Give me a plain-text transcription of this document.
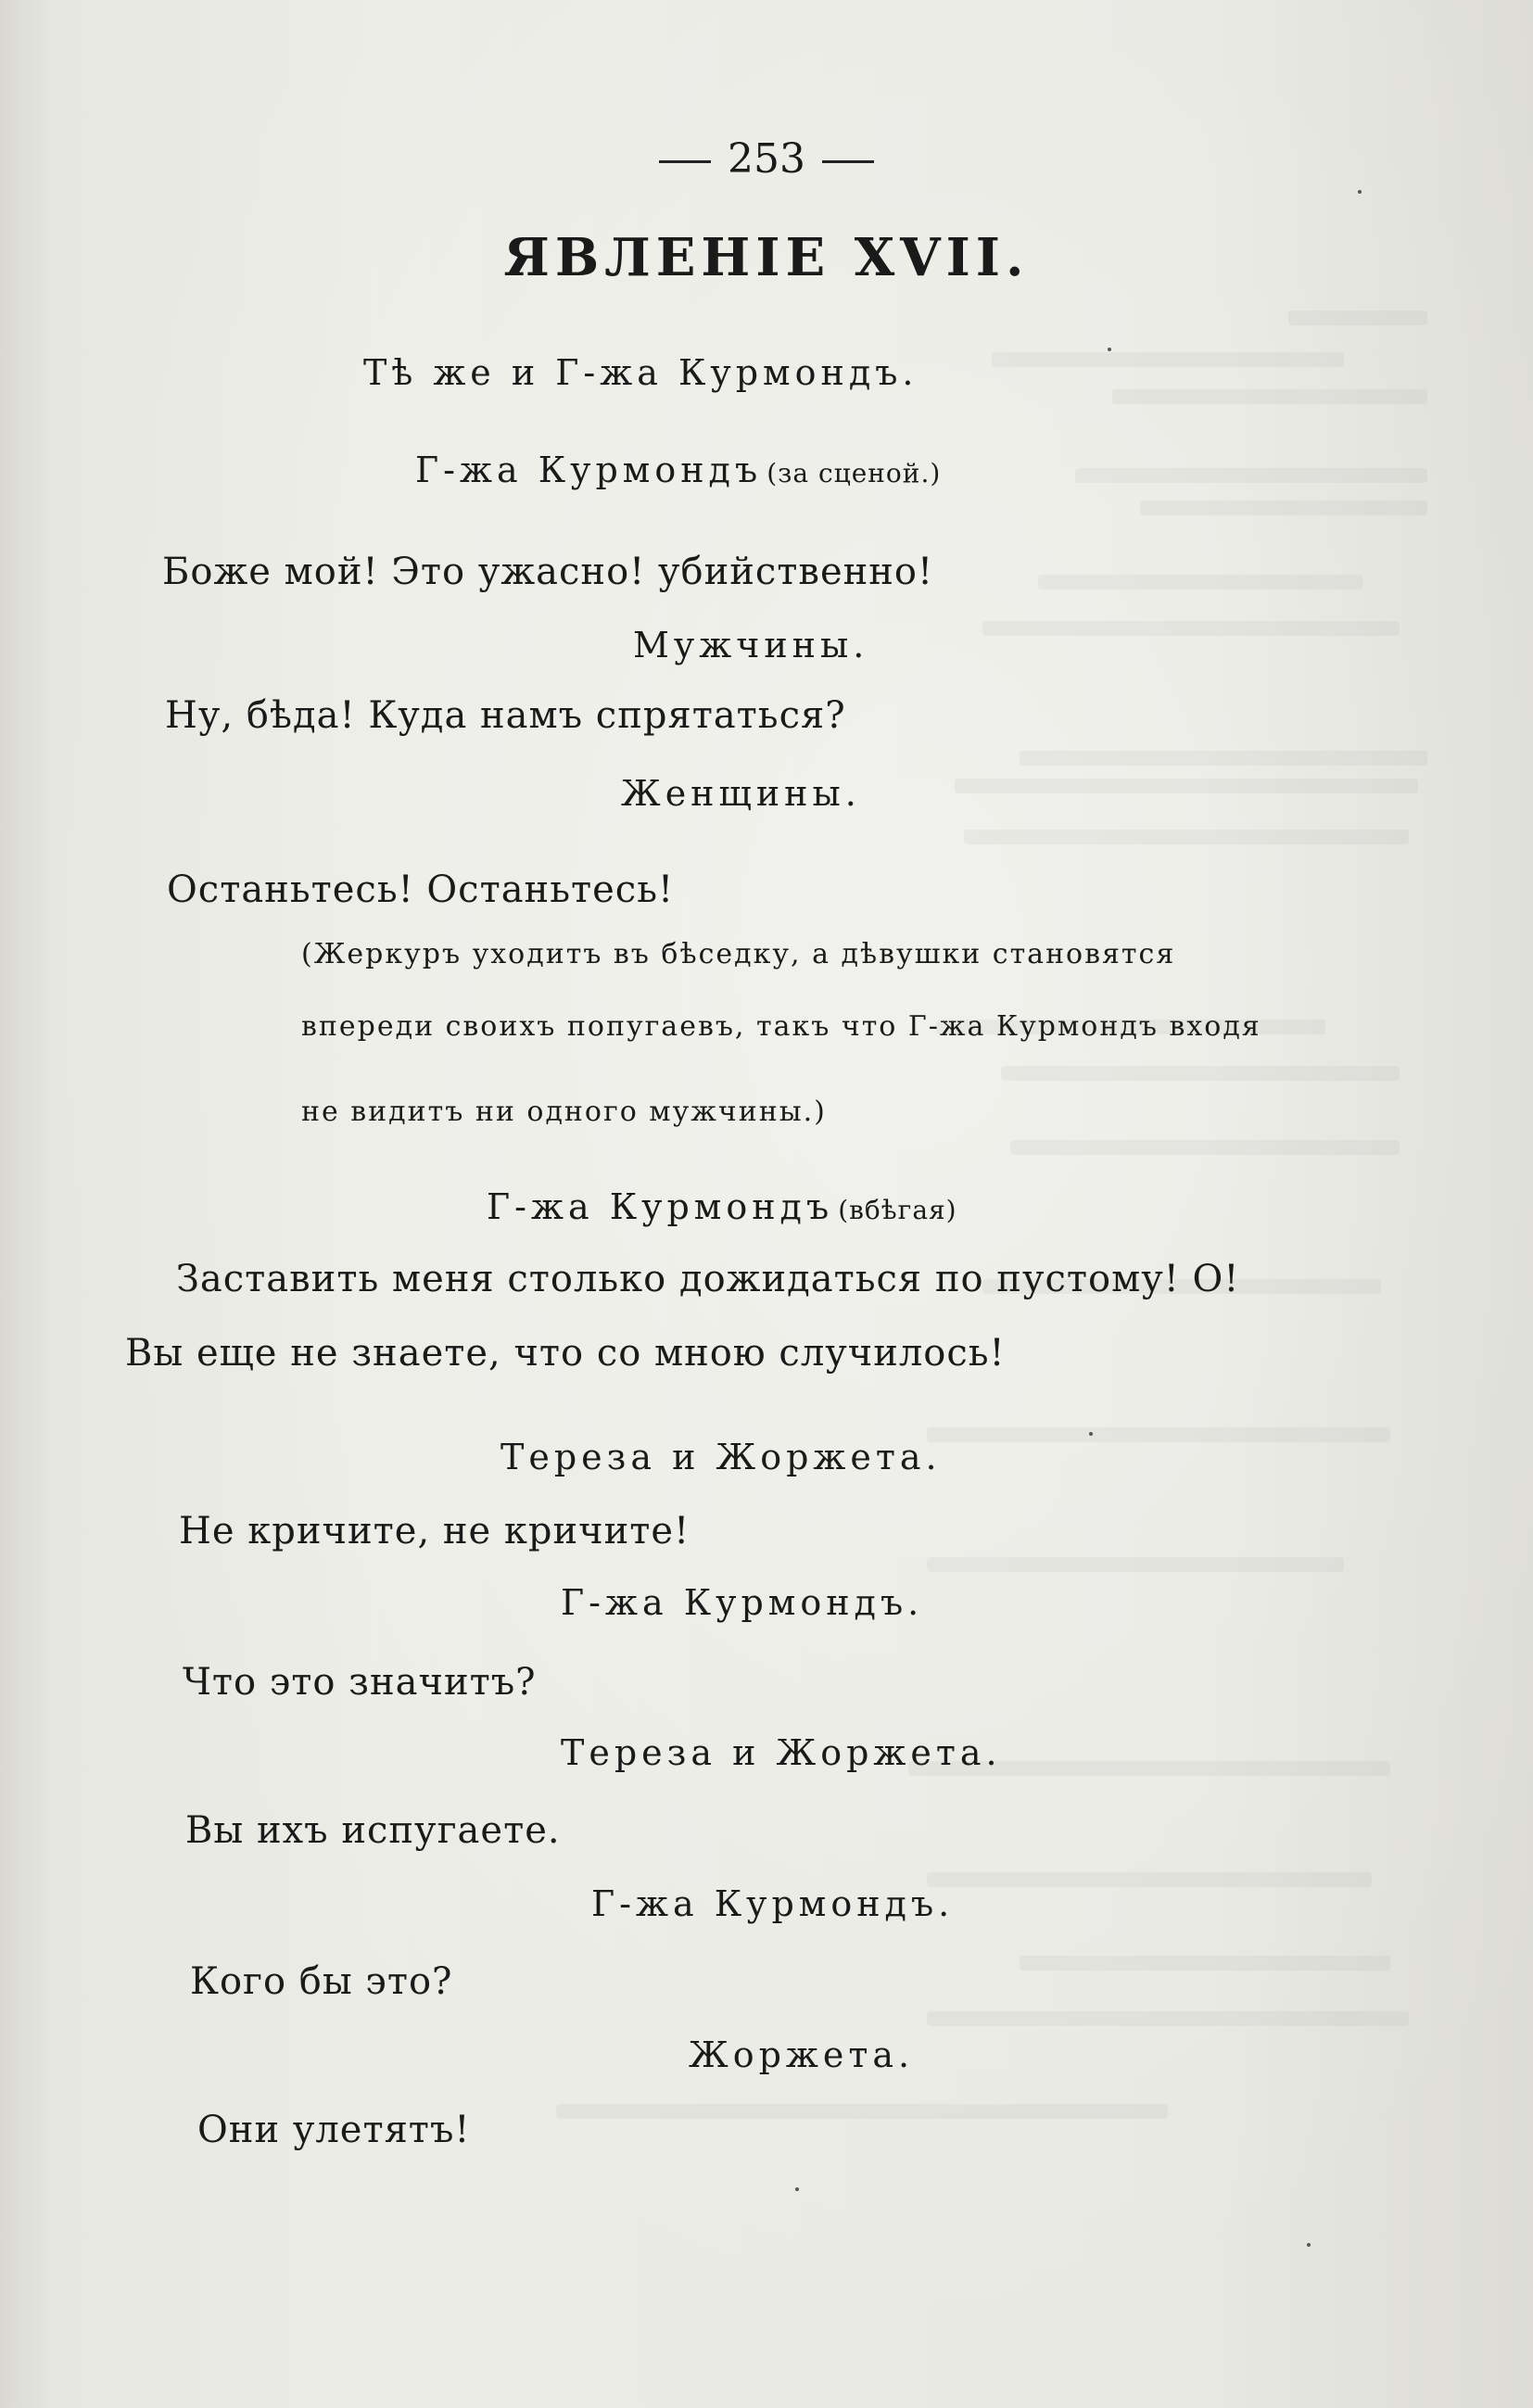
253
ЯВЛЕНIЕ XVII.
Тѣ же и Г-жа Курмондъ.
Г-жа Курмондъ (за сценой.)
Боже мой! Это ужасно! убийственно!
Мужчины.
Ну, бѣда! Куда намъ спрятаться?
Женщины.
Останьтесь! Останьтесь!
(Жеркуръ уходитъ въ бѣседку, а дѣвушки становятся
впереди своихъ попугаевъ, такъ что Г-жа Курмондъ входя
не видитъ ни одного мужчины.)
Г-жа Курмондъ (вбѣгая)
Заставить меня столько дожидаться по пустому! О!
Вы еще не знаете, что со мною случилось!
Тереза и Жоржета.
Не кричите, не кричите!
Г-жа Курмондъ.
Что это значитъ?
Тереза и Жоржета.
Вы ихъ испугаете.
Г-жа Курмондъ.
Кого бы это?
Жоржета.
Они улетятъ!
